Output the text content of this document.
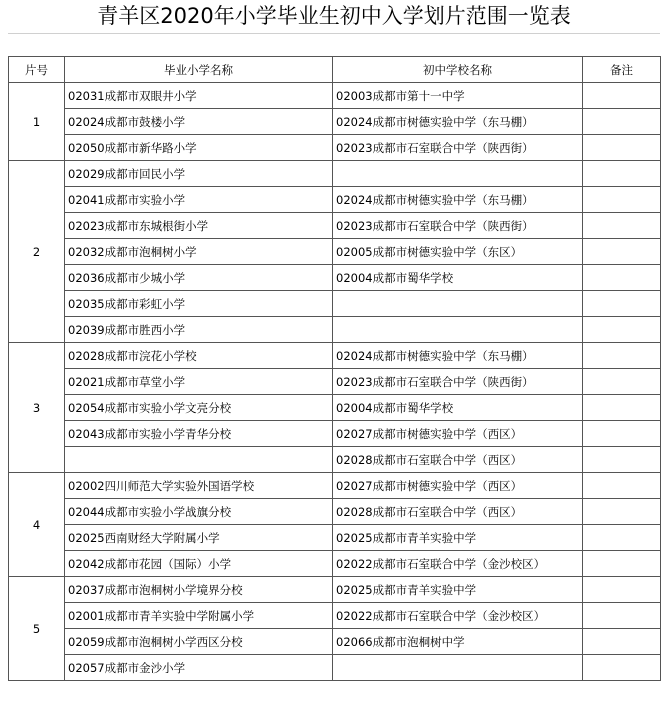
青羊区2020年小学毕业生初中入学划片范围一览表
片号	毕业小学名称	初中学校名称	备注
1	02031成都市双眼井小学	02003成都市第十一中学	
	02024成都市鼓楼小学	02024成都市树德实验中学（东马棚）	
	02050成都市新华路小学	02023成都市石室联合中学（陕西街）	
2	02029成都市回民小学		
	02041成都市实验小学	02024成都市树德实验中学（东马棚）	
	02023成都市东城根街小学	02023成都市石室联合中学（陕西街）	
	02032成都市泡桐树小学	02005成都市树德实验中学（东区）	
	02036成都市少城小学	02004成都市蜀华学校	
	02035成都市彩虹小学		
	02039成都市胜西小学		
3	02028成都市浣花小学校	02024成都市树德实验中学（东马棚）	
	02021成都市草堂小学	02023成都市石室联合中学（陕西街）	
	02054成都市实验小学文亮分校	02004成都市蜀华学校	
	02043成都市实验小学青华分校	02027成都市树德实验中学（西区）	
		02028成都市石室联合中学（西区）	
4	02002四川师范大学实验外国语学校	02027成都市树德实验中学（西区）	
	02044成都市实验小学战旗分校	02028成都市石室联合中学（西区）	
	02025西南财经大学附属小学	02025成都市青羊实验中学	
	02042成都市花园（国际）小学	02022成都市石室联合中学（金沙校区）	
5	02037成都市泡桐树小学境界分校	02025成都市青羊实验中学	
	02001成都市青羊实验中学附属小学	02022成都市石室联合中学（金沙校区）	
	02059成都市泡桐树小学西区分校	02066成都市泡桐树中学	
	02057成都市金沙小学		
